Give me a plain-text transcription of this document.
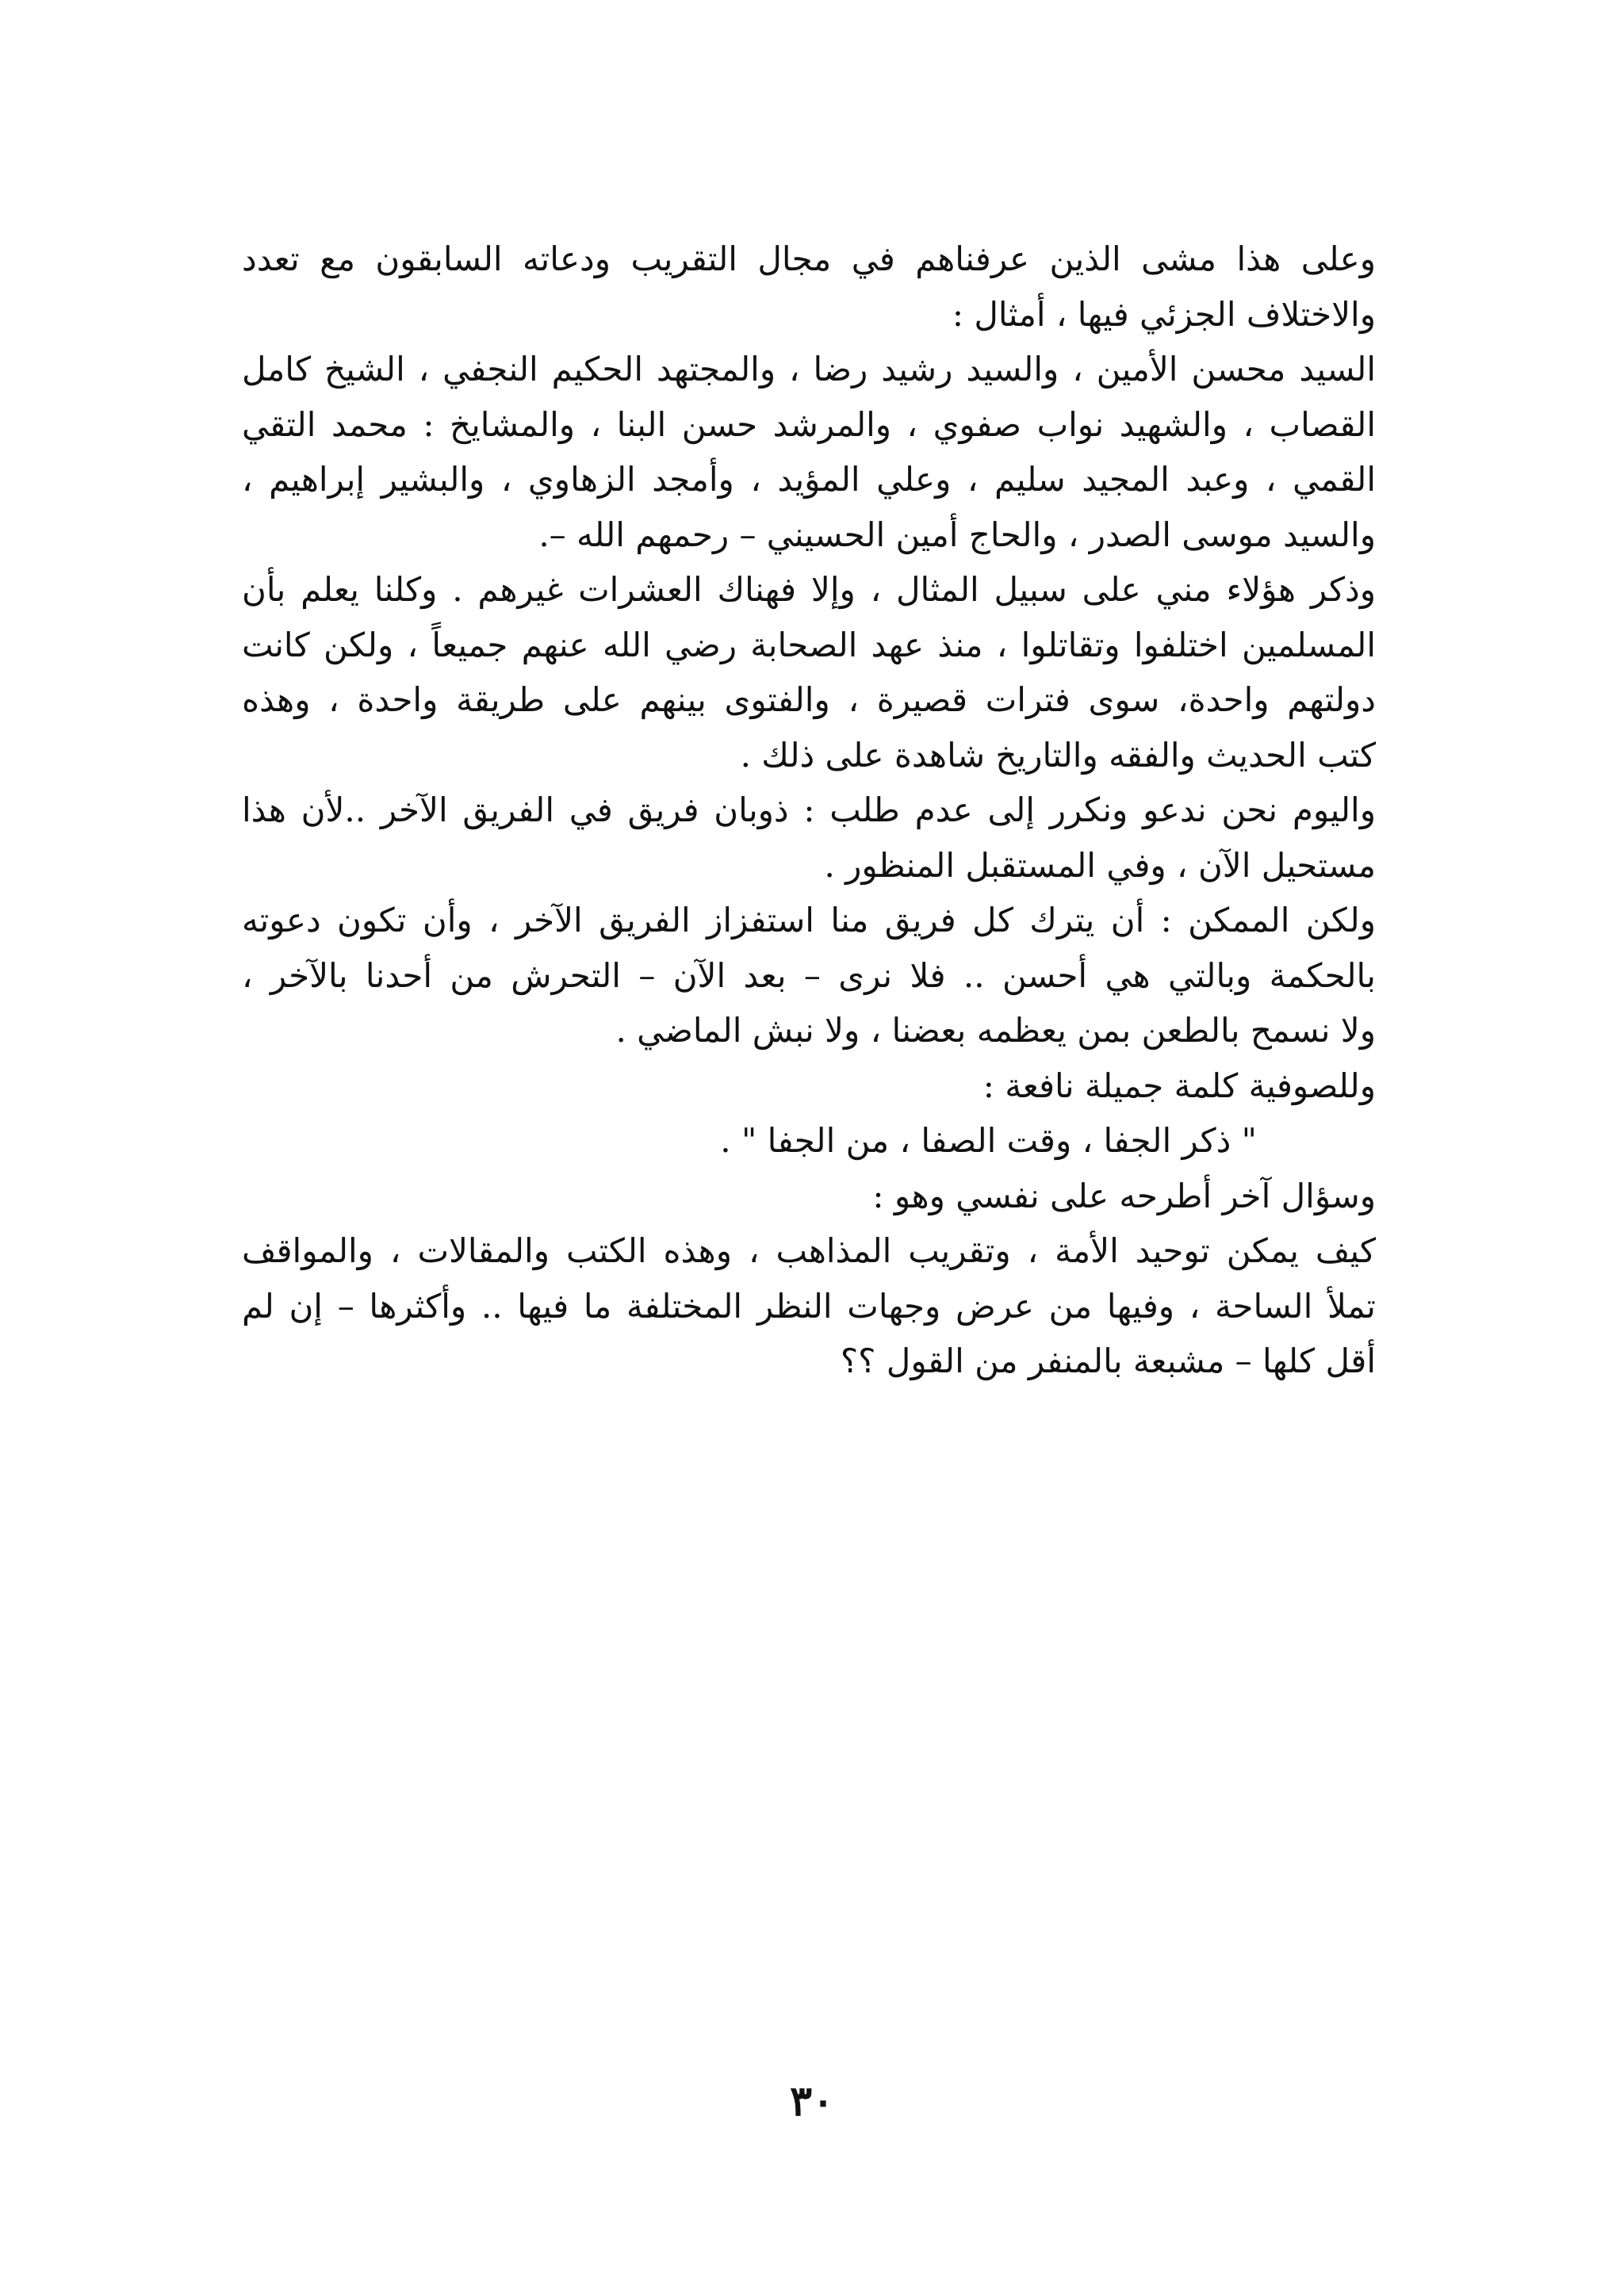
وعلى هذا مشى الذين عرفناهم في مجال التقريب ودعاته السابقون مع تعدد
والاختلاف الجزئي فيها ، أمثال :
السيد محسن الأمين ، والسيد رشيد رضا ، والمجتهد الحكيم النجفي ، الشيخ كامل
القصاب ، والشهيد نواب صفوي ، والمرشد حسن البنا ، والمشايخ : محمد التقي
القمي ، وعبد المجيد سليم ، وعلي المؤيد ، وأمجد الزهاوي ، والبشير إبراهيم ،
والسيد موسى الصدر ، والحاج أمين الحسيني – رحمهم الله –.
وذكر هؤلاء مني على سبيل المثال ، وإلا فهناك العشرات غيرهم . وكلنا يعلم بأن
المسلمين اختلفوا وتقاتلوا ، منذ عهد الصحابة رضي الله عنهم جميعاً ، ولكن كانت
دولتهم واحدة، سوى فترات قصيرة ، والفتوى بينهم على طريقة واحدة ، وهذه
كتب الحديث والفقه والتاريخ شاهدة على ذلك .
واليوم نحن ندعو ونكرر إلى عدم طلب : ذوبان فريق في الفريق الآخر ..لأن هذا
مستحيل الآن ، وفي المستقبل المنظور .
ولكن الممكن : أن يترك كل فريق منا استفزاز الفريق الآخر ، وأن تكون دعوته
بالحكمة وبالتي هي أحسن .. فلا نرى – بعد الآن – التحرش من أحدنا بالآخر ،
ولا نسمح بالطعن بمن يعظمه بعضنا ، ولا نبش الماضي .
وللصوفية كلمة جميلة نافعة :
" ذكر الجفا ، وقت الصفا ، من الجفا " .
وسؤال آخر أطرحه على نفسي وهو :
كيف يمكن توحيد الأمة ، وتقريب المذاهب ، وهذه الكتب والمقالات ، والمواقف
تملأ الساحة ، وفيها من عرض وجهات النظر المختلفة ما فيها .. وأكثرها – إن لم
أقل كلها – مشبعة بالمنفر من القول ؟؟
٣٠
